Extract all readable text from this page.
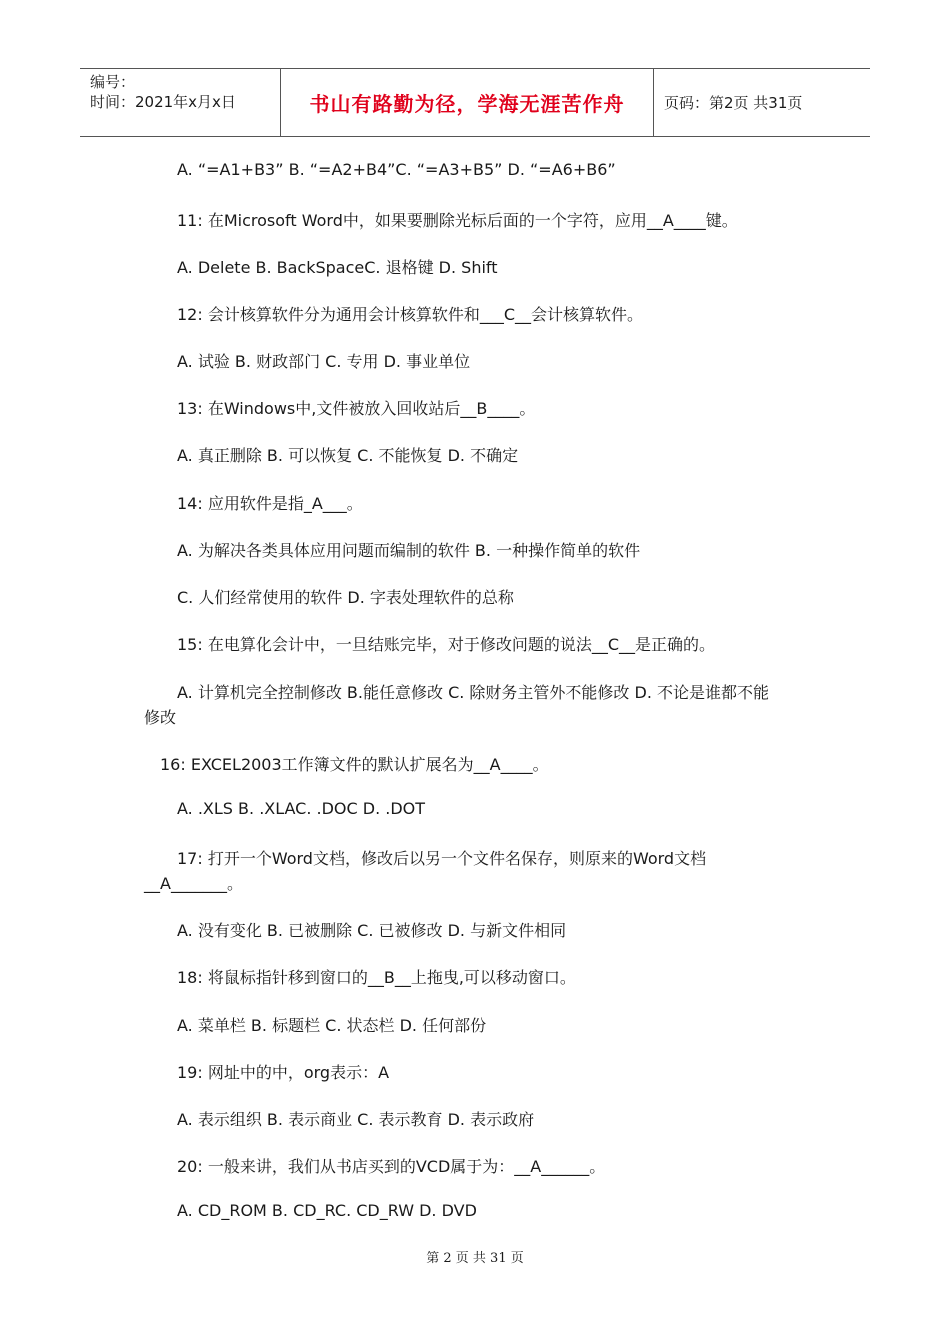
编号：
时间：2021年x月x日	书山有路勤为径，学海无涯苦作舟	页码：第2页 共31页
A. “=A1+B3” B. “=A2+B4”C. “=A3+B5” D. “=A6+B6”
11: 在Microsoft Word中，如果要删除光标后面的一个字符，应用__A____键。
A. Delete B. BackSpaceC. 退格键 D. Shift
12: 会计核算软件分为通用会计核算软件和___C__会计核算软件。
A. 试验 B. 财政部门 C. 专用 D. 事业单位
13: 在Windows中,文件被放入回收站后__B____。
A. 真正删除 B. 可以恢复 C. 不能恢复 D. 不确定
14: 应用软件是指_A___。
A. 为解决各类具体应用问题而编制的软件 B. 一种操作简单的软件
C. 人们经常使用的软件 D. 字表处理软件的总称
15: 在电算化会计中，一旦结账完毕，对于修改问题的说法__C__是正确的。
A. 计算机完全控制修改 B.能任意修改 C. 除财务主管外不能修改 D. 不论是谁都不能
修改
16: EXCEL2003工作簿文件的默认扩展名为__A____。
A. .XLS B. .XLAC. .DOC D. .DOT
17: 打开一个Word文档，修改后以另一个文件名保存，则原来的Word文档
__A_______。
A. 没有变化 B. 已被删除 C. 已被修改 D. 与新文件相同
18: 将鼠标指针移到窗口的__B__上拖曳,可以移动窗口。
A. 菜单栏 B. 标题栏 C. 状态栏 D. 任何部份
19: 网址中的中，org表示：A
A. 表示组织 B. 表示商业 C. 表示教育 D. 表示政府
20: 一般来讲，我们从书店买到的VCD属于为：__A______。
A. CD_ROM B. CD_RC. CD_RW D. DVD
第 2 页 共 31 页
